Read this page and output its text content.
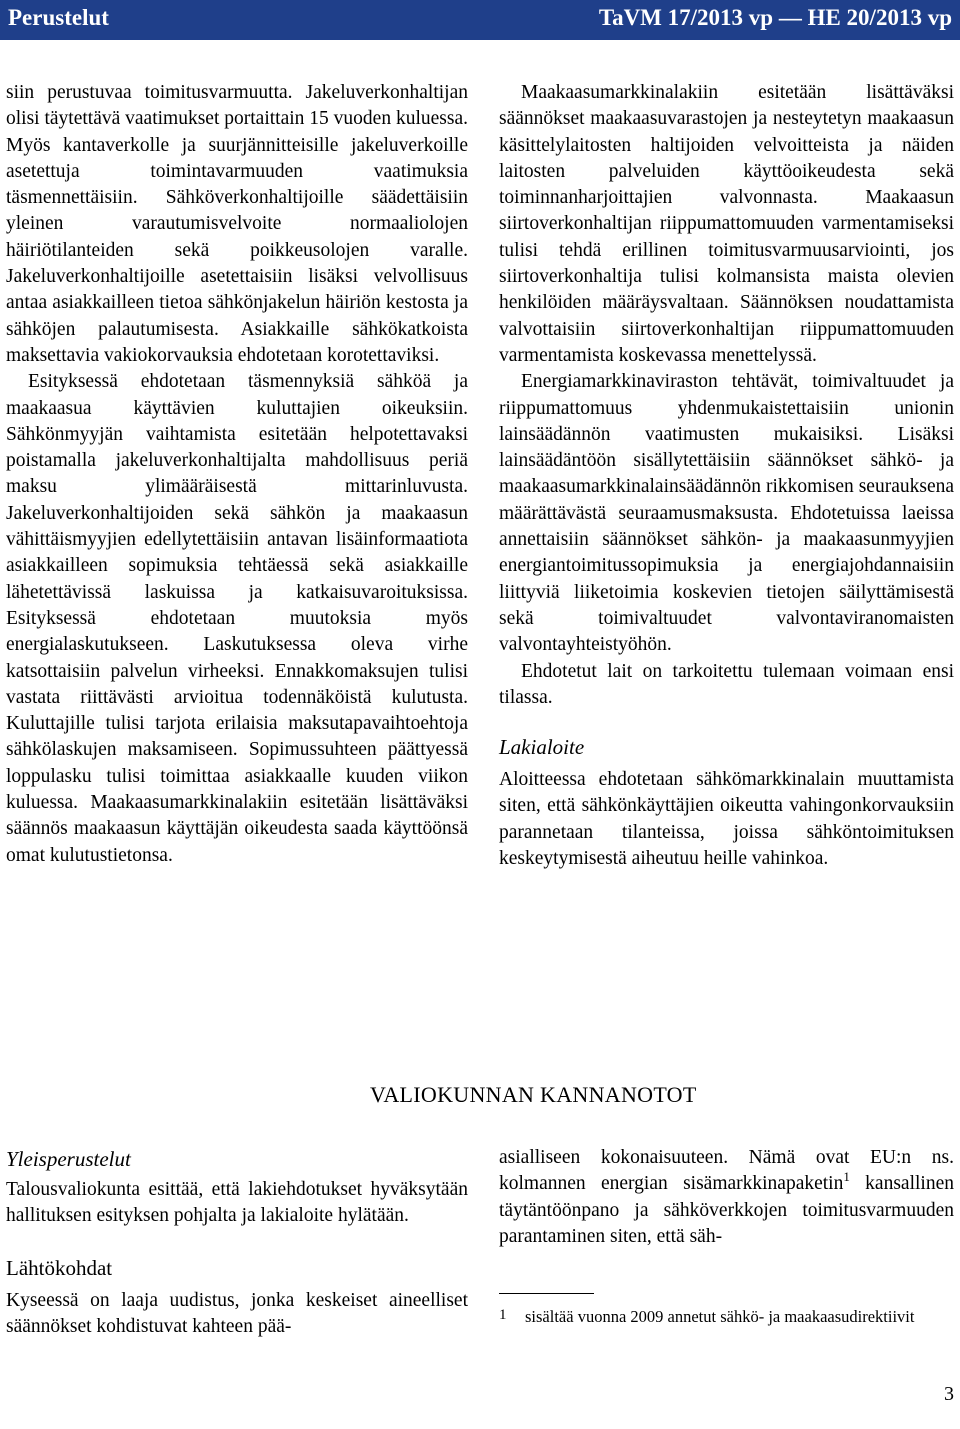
Perustelut	TaVM 17/2013 vp — HE 20/2013 vp

siin perustuvaa toimitusvarmuutta. Jakeluverkonhaltijan olisi täytettävä vaatimukset portaittain 15 vuoden kuluessa. Myös kantaverkolle ja suurjännitteisille jakeluverkoille asetettuja toimintavarmuuden vaatimuksia täsmennettäisiin. Sähköverkonhaltijoille säädettäisiin yleinen varautumisvelvoite normaaliolojen häiriötilanteiden sekä poikkeusolojen varalle. Jakeluverkonhaltijoille asetettaisiin lisäksi velvollisuus antaa asiakkailleen tietoa sähkönjakelun häiriön kestosta ja sähköjen palautumisesta. Asiakkaille sähkökatkoista maksettavia vakiokorvauksia ehdotetaan korotettaviksi.

Esityksessä ehdotetaan täsmennyksiä sähköä ja maakaasua käyttävien kuluttajien oikeuksiin. Sähkönmyyjän vaihtamista esitetään helpotettavaksi poistamalla jakeluverkonhaltijalta mahdollisuus periä maksu ylimääräisestä mittarinluvusta. Jakeluverkonhaltijoiden sekä sähkön ja maakaasun vähittäismyyjien edellytettäisiin antavan lisäinformaatiota asiakkailleen sopimuksia tehtäessä sekä asiakkaille lähetettävissä laskuissa ja katkaisuvaroituksissa. Esityksessä ehdotetaan muutoksia myös energialaskutukseen. Laskutuksessa oleva virhe katsottaisiin palvelun virheeksi. Ennakkomaksujen tulisi vastata riittävästi arvioitua todennäköistä kulutusta. Kuluttajille tulisi tarjota erilaisia maksutapavaihtoehtoja sähkölaskujen maksamiseen. Sopimussuhteen päättyessä loppulasku tulisi toimittaa asiakkaalle kuuden viikon kuluessa. Maakaasumarkkinalakiin esitetään lisättäväksi säännös maakaasun käyttäjän oikeudesta saada käyttöönsä omat kulutustietonsa.

Maakaasumarkkinalakiin esitetään lisättäväksi säännökset maakaasuvarastojen ja nesteytetyn maakaasun käsittelylaitosten haltijoiden velvoitteista ja näiden laitosten palveluiden käyttöoikeudesta sekä toiminnanharjoittajien valvonnasta. Maakaasun siirtoverkonhaltijan riippumattomuuden varmentamiseksi tulisi tehdä erillinen toimitusvarmuusarviointi, jos siirtoverkonhaltija tulisi kolmansista maista olevien henkilöiden määräysvaltaan. Säännöksen noudattamista valvottaisiin siirtoverkonhaltijan riippumattomuuden varmentamista koskevassa menettelyssä.

Energiamarkkinaviraston tehtävät, toimivaltuudet ja riippumattomuus yhdenmukaistettaisiin unionin lainsäädännön vaatimusten mukaisiksi. Lisäksi lainsäädäntöön sisällytettäisiin säännökset sähkö- ja maakaasumarkkinalainsäädännön rikkomisen seurauksena määrättävästä seuraamusmaksusta. Ehdotetuissa laeissa annettaisiin säännökset sähkön- ja maakaasunmyyjien energiantoimitussopimuksia ja energiajohdannaisiin liittyviä liiketoimia koskevien tietojen säilyttämisestä sekä toimivaltuudet valvontaviranomaisten valvontayhteistyöhön.

Ehdotetut lait on tarkoitettu tulemaan voimaan ensi tilassa.

Lakialoite

Aloitteessa ehdotetaan sähkömarkkinalain muuttamista siten, että sähkönkäyttäjien oikeutta vahingonkorvauksiin parannetaan tilanteissa, joissa sähköntoimituksen keskeytymisestä aiheutuu heille vahinkoa.

VALIOKUNNAN KANNANOTOT
Yleisperustelut

Talousvaliokunta esittää, että lakiehdotukset hyväksytään hallituksen esityksen pohjalta ja lakialoite hylätään.

Lähtökohdat

Kyseessä on laaja uudistus, jonka keskeiset aineelliset säännökset kohdistuvat kahteen pää-

asialliseen kokonaisuuteen. Nämä ovat EU:n ns. kolmannen energian sisämarkkinapaketin$^1$ kansallinen täytäntöönpano ja sähköverkkojen toimitusvarmuuden parantaminen siten, että säh-

1 sisältää vuonna 2009 annetut sähkö- ja maakaasudirektiivit
3
